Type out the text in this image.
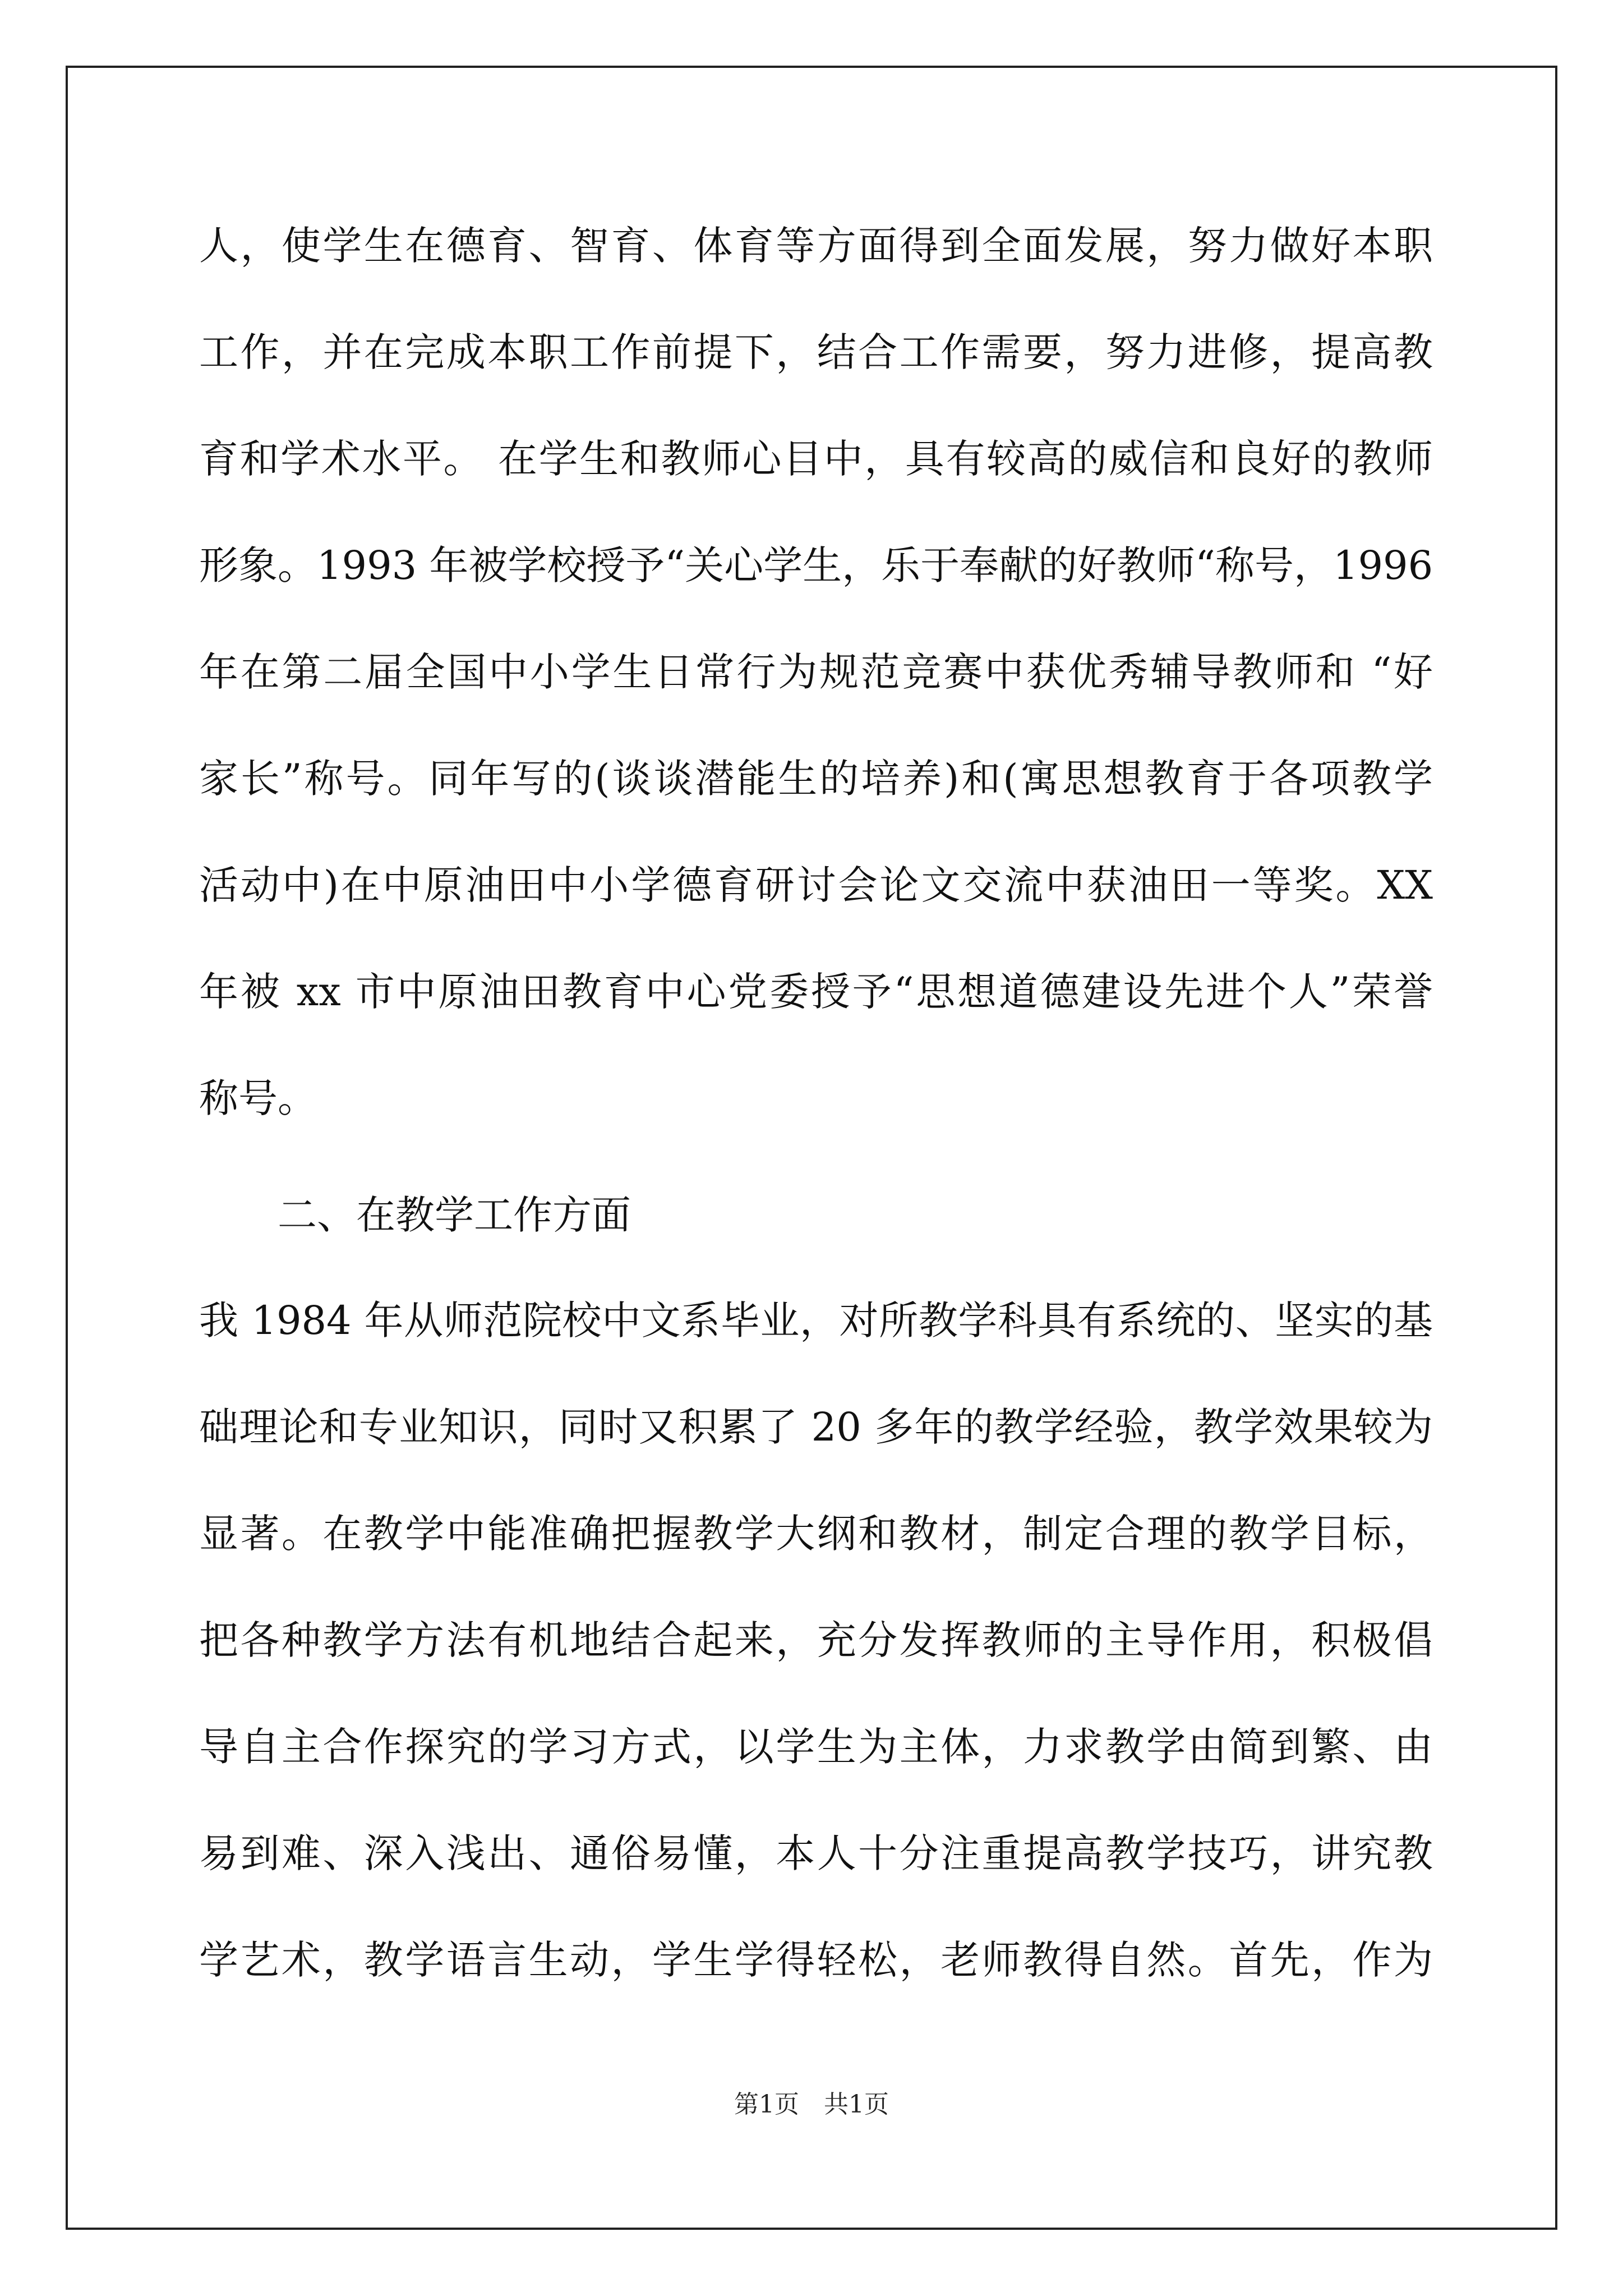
人，使学生在德育、智育、体育等方面得到全面发展，努力做好本职
工作，并在完成本职工作前提下，结合工作需要，努力进修，提高教
育和学术水平。 在学生和教师心目中，具有较高的威信和良好的教师
形象。1993 年被学校授予“关心学生，乐于奉献的好教师“称号，1996
年在第二届全国中小学生日常行为规范竞赛中获优秀辅导教师和 “好
家长”称号。同年写的(谈谈潜能生的培养)和(寓思想教育于各项教学
活动中)在中原油田中小学德育研讨会论文交流中获油田一等奖。XX
年被 xx 市中原油田教育中心党委授予“思想道德建设先进个人”荣誉
称号。
二、在教学工作方面
我 1984 年从师范院校中文系毕业，对所教学科具有系统的、坚实的基
础理论和专业知识，同时又积累了 20 多年的教学经验，教学效果较为
显著。在教学中能准确把握教学大纲和教材，制定合理的教学目标，
把各种教学方法有机地结合起来，充分发挥教师的主导作用，积极倡
导自主合作探究的学习方式，以学生为主体，力求教学由简到繁、由
易到难、深入浅出、通俗易懂，本人十分注重提高教学技巧，讲究教
学艺术，教学语言生动，学生学得轻松，老师教得自然。首先，作为
第1页　共1页
